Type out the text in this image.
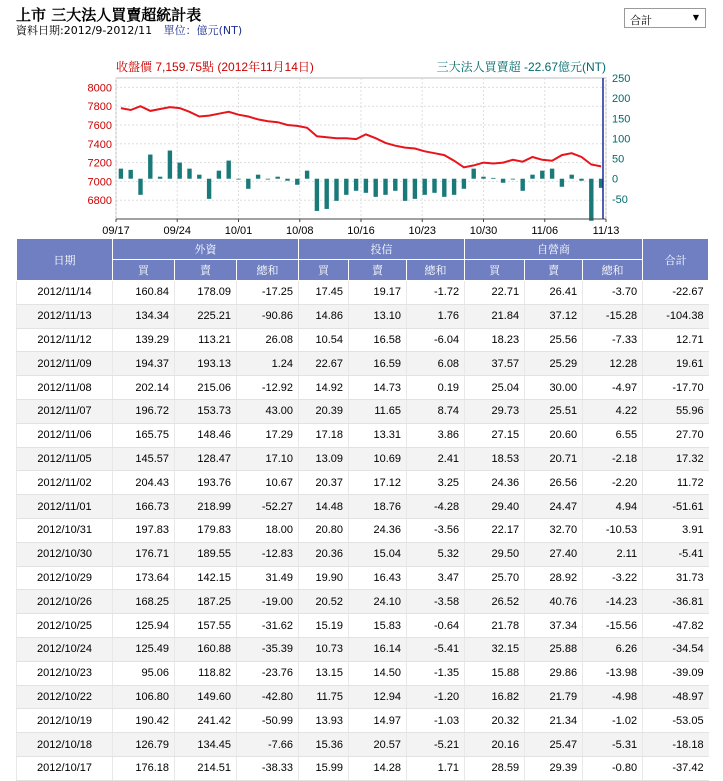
上市 三大法人買賣超統計表
資料日期:2012/9-2012/11 單位：億元(NT)
合計	▼
收盤價 7,159.75點 (2012年11月14日)	三大法人買賣超 -22.67億元(NT)
6800
7000
7200
7400
7600
7800
8000
-50
0
50
100
150
200
250
09/17	09/24	10/01	10/08	10/16	10/23	10/30	11/06	11/13
日期	外資			投信			自營商			合計
	買	賣	總和	買	賣	總和	買	賣	總和	
2012/11/14	160.84	178.09	-17.25	17.45	19.17	-1.72	22.71	26.41	-3.70	-22.67
2012/11/13	134.34	225.21	-90.86	14.86	13.10	1.76	21.84	37.12	-15.28	-104.38
2012/11/12	139.29	113.21	26.08	10.54	16.58	-6.04	18.23	25.56	-7.33	12.71
2012/11/09	194.37	193.13	1.24	22.67	16.59	6.08	37.57	25.29	12.28	19.61
2012/11/08	202.14	215.06	-12.92	14.92	14.73	0.19	25.04	30.00	-4.97	-17.70
2012/11/07	196.72	153.73	43.00	20.39	11.65	8.74	29.73	25.51	4.22	55.96
2012/11/06	165.75	148.46	17.29	17.18	13.31	3.86	27.15	20.60	6.55	27.70
2012/11/05	145.57	128.47	17.10	13.09	10.69	2.41	18.53	20.71	-2.18	17.32
2012/11/02	204.43	193.76	10.67	20.37	17.12	3.25	24.36	26.56	-2.20	11.72
2012/11/01	166.73	218.99	-52.27	14.48	18.76	-4.28	29.40	24.47	4.94	-51.61
2012/10/31	197.83	179.83	18.00	20.80	24.36	-3.56	22.17	32.70	-10.53	3.91
2012/10/30	176.71	189.55	-12.83	20.36	15.04	5.32	29.50	27.40	2.11	-5.41
2012/10/29	173.64	142.15	31.49	19.90	16.43	3.47	25.70	28.92	-3.22	31.73
2012/10/26	168.25	187.25	-19.00	20.52	24.10	-3.58	26.52	40.76	-14.23	-36.81
2012/10/25	125.94	157.55	-31.62	15.19	15.83	-0.64	21.78	37.34	-15.56	-47.82
2012/10/24	125.49	160.88	-35.39	10.73	16.14	-5.41	32.15	25.88	6.26	-34.54
2012/10/23	95.06	118.82	-23.76	13.15	14.50	-1.35	15.88	29.86	-13.98	-39.09
2012/10/22	106.80	149.60	-42.80	11.75	12.94	-1.20	16.82	21.79	-4.98	-48.97
2012/10/19	190.42	241.42	-50.99	13.93	14.97	-1.03	20.32	21.34	-1.02	-53.05
2012/10/18	126.79	134.45	-7.66	15.36	20.57	-5.21	20.16	25.47	-5.31	-18.18
2012/10/17	176.18	214.51	-38.33	15.99	14.28	1.71	28.59	29.39	-0.80	-37.42
